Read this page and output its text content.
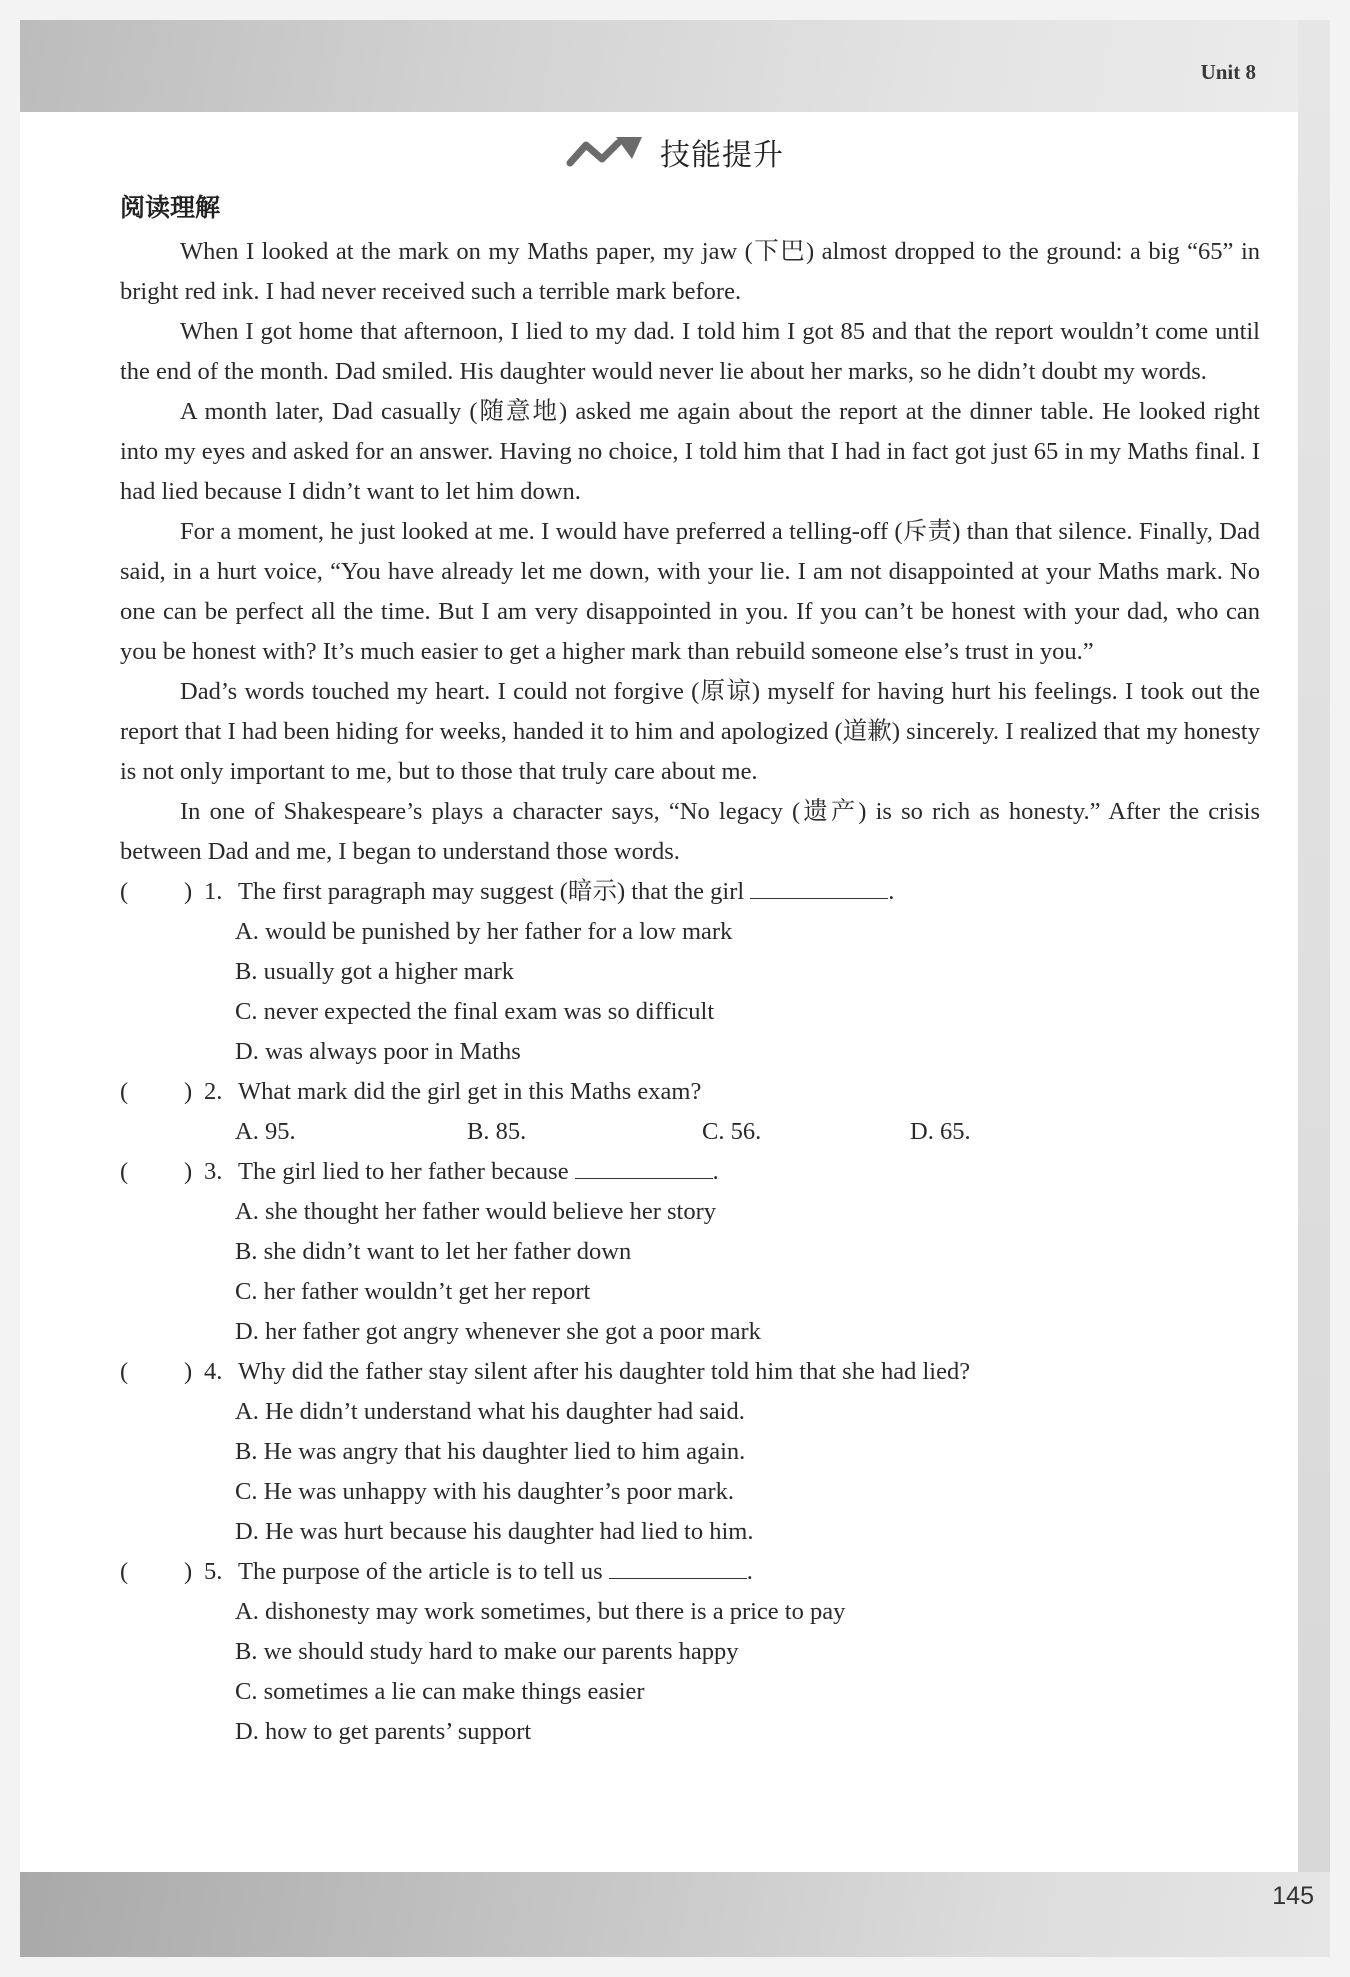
Unit 8
技能提升
阅读理解

When I looked at the mark on my Maths paper, my jaw (下巴) almost dropped to the ground: a big “65” in bright red ink. I had never received such a terrible mark before.

When I got home that afternoon, I lied to my dad. I told him I got 85 and that the report wouldn’t come until the end of the month. Dad smiled. His daughter would never lie about her marks, so he didn’t doubt my words.

A month later, Dad casually (随意地) asked me again about the report at the dinner table. He looked right into my eyes and asked for an answer. Having no choice, I told him that I had in fact got just 65 in my Maths final. I had lied because I didn’t want to let him down.

For a moment, he just looked at me. I would have preferred a telling-off (斥责) than that silence. Finally, Dad said, in a hurt voice, “You have already let me down, with your lie. I am not disappointed at your Maths mark. No one can be perfect all the time. But I am very disappointed in you. If you can’t be honest with your dad, who can you be honest with? It’s much easier to get a higher mark than rebuild someone else’s trust in you.”

Dad’s words touched my heart. I could not forgive (原谅) myself for having hurt his feelings. I took out the report that I had been hiding for weeks, handed it to him and apologized (道歉) sincerely. I realized that my honesty is not only important to me, but to those that truly care about me.

In one of Shakespeare’s plays a character says, “No legacy (遗产) is so rich as honesty.” After the crisis between Dad and me, I began to understand those words.

(	) 1. The first paragraph may suggest (暗示) that the girl	.
A. would be punished by her father for a low mark
B. usually got a higher mark
C. never expected the final exam was so difficult
D. was always poor in Maths
(	) 2. What mark did the girl get in this Maths exam?
A. 95.	B. 85.	C. 56.	D. 65.
(	) 3. The girl lied to her father because	.
A. she thought her father would believe her story
B. she didn’t want to let her father down
C. her father wouldn’t get her report
D. her father got angry whenever she got a poor mark
(	) 4. Why did the father stay silent after his daughter told him that she had lied?
A. He didn’t understand what his daughter had said.
B. He was angry that his daughter lied to him again.
C. He was unhappy with his daughter’s poor mark.
D. He was hurt because his daughter had lied to him.
(	) 5. The purpose of the article is to tell us	.
A. dishonesty may work sometimes, but there is a price to pay
B. we should study hard to make our parents happy
C. sometimes a lie can make things easier
D. how to get parents’ support
145
